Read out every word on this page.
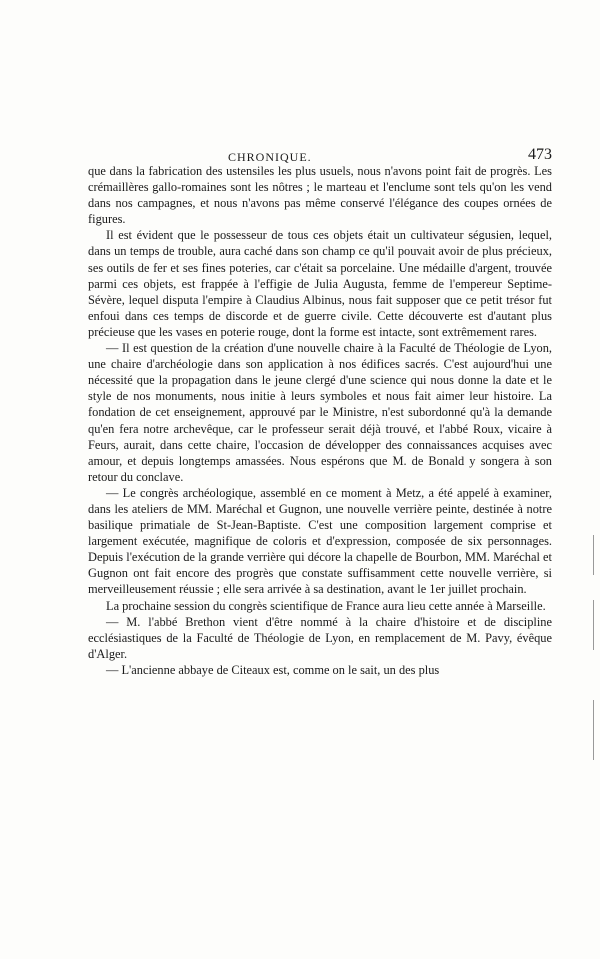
CHRONIQUE.	473

que dans la fabrication des ustensiles les plus usuels, nous n'avons point fait de progrès. Les crémaillères gallo-romaines sont les nôtres ; le marteau et l'enclume sont tels qu'on les vend dans nos campagnes, et nous n'avons pas même conservé l'élégance des coupes ornées de figures.

Il est évident que le possesseur de tous ces objets était un cultivateur ségusien, lequel, dans un temps de trouble, aura caché dans son champ ce qu'il pouvait avoir de plus précieux, ses outils de fer et ses fines poteries, car c'était sa porcelaine. Une médaille d'argent, trouvée parmi ces objets, est frappée à l'effigie de Julia Augusta, femme de l'empereur Septime-Sévère, lequel disputa l'empire à Claudius Albinus, nous fait supposer que ce petit trésor fut enfoui dans ces temps de discorde et de guerre civile. Cette découverte est d'autant plus précieuse que les vases en poterie rouge, dont la forme est intacte, sont extrêmement rares.

— Il est question de la création d'une nouvelle chaire à la Faculté de Théologie de Lyon, une chaire d'archéologie dans son application à nos édifices sacrés. C'est aujourd'hui une nécessité que la propagation dans le jeune clergé d'une science qui nous donne la date et le style de nos monuments, nous initie à leurs symboles et nous fait aimer leur histoire. La fondation de cet enseignement, approuvé par le Ministre, n'est subordonné qu'à la demande qu'en fera notre archevêque, car le professeur serait déjà trouvé, et l'abbé Roux, vicaire à Feurs, aurait, dans cette chaire, l'occasion de développer des connaissances acquises avec amour, et depuis longtemps amassées. Nous espérons que M. de Bonald y songera à son retour du conclave.

— Le congrès archéologique, assemblé en ce moment à Metz, a été appelé à examiner, dans les ateliers de MM. Maréchal et Gugnon, une nouvelle verrière peinte, destinée à notre basilique primatiale de St-Jean-Baptiste. C'est une composition largement comprise et largement exécutée, magnifique de coloris et d'expression, composée de six personnages. Depuis l'exécution de la grande verrière qui décore la chapelle de Bourbon, MM. Maréchal et Gugnon ont fait encore des progrès que constate suffisamment cette nouvelle verrière, si merveilleusement réussie ; elle sera arrivée à sa destination, avant le 1er juillet prochain.

La prochaine session du congrès scientifique de France aura lieu cette année à Marseille.

— M. l'abbé Brethon vient d'être nommé à la chaire d'histoire et de discipline ecclésiastiques de la Faculté de Théologie de Lyon, en remplacement de M. Pavy, évêque d'Alger.

— L'ancienne abbaye de Citeaux est, comme on le sait, un des plus
